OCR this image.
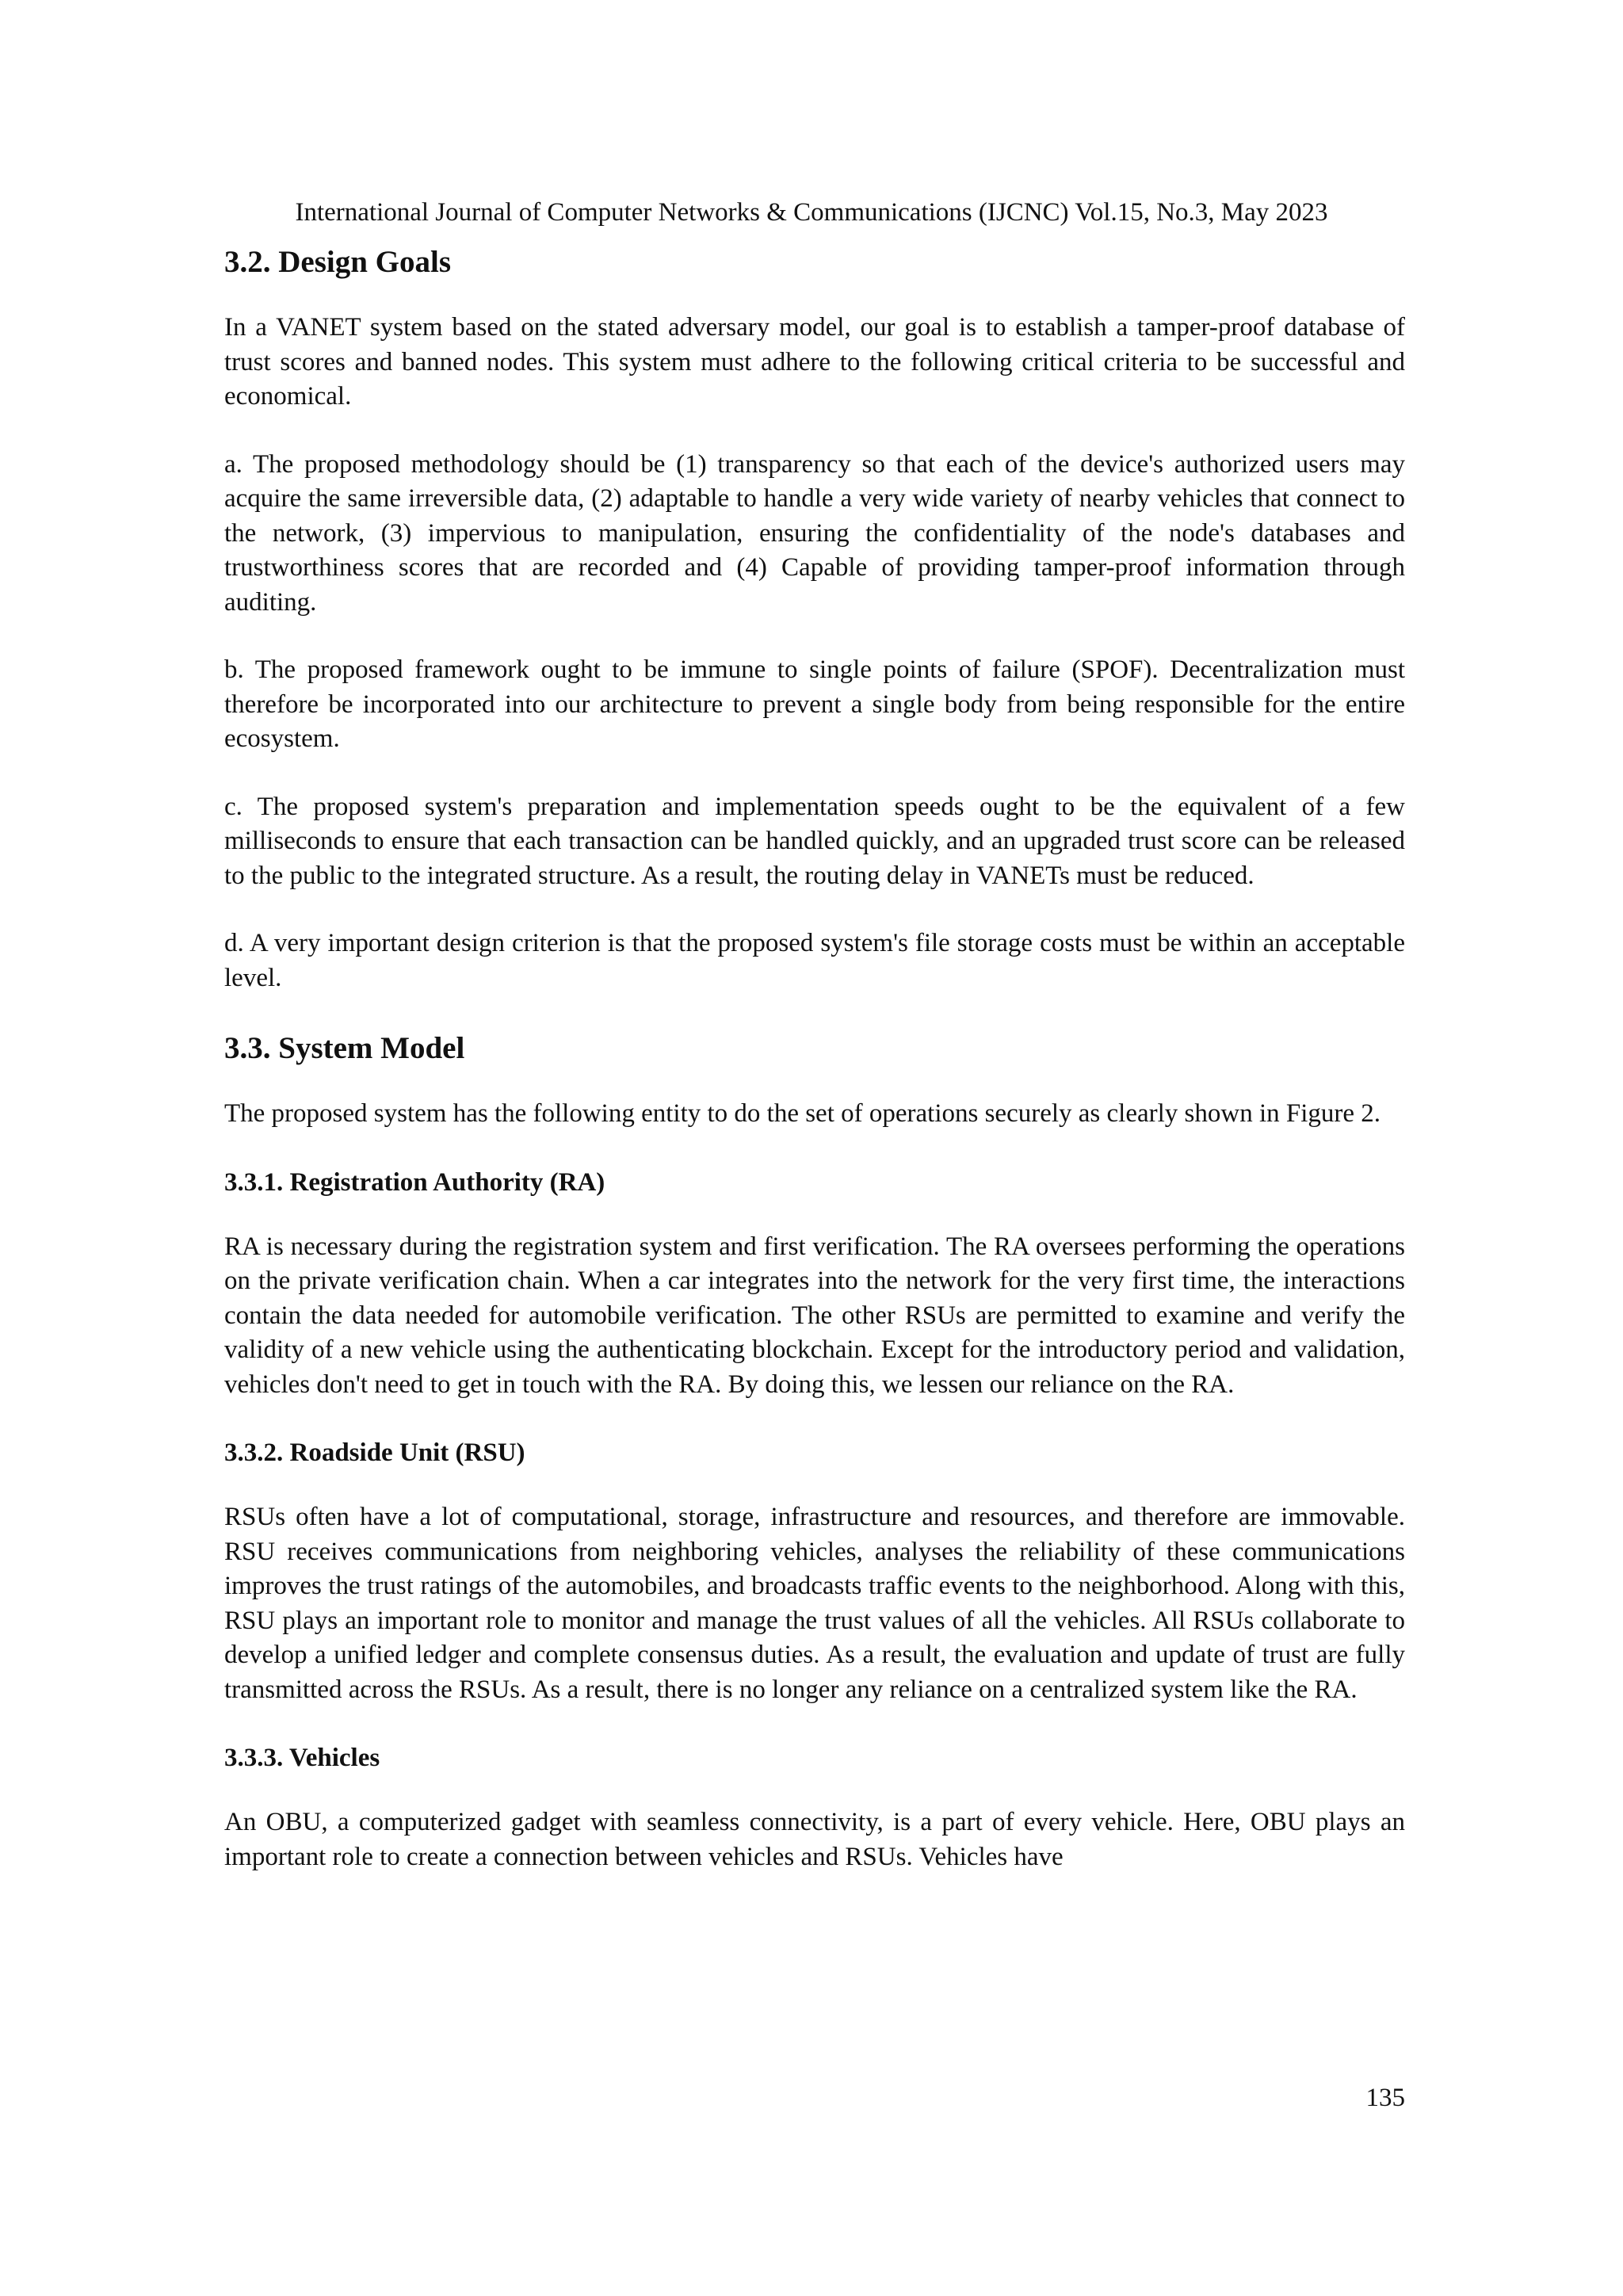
International Journal of Computer Networks & Communications (IJCNC) Vol.15, No.3, May 2023
3.2. Design Goals
In a VANET system based on the stated adversary model, our goal is to establish a tamper-proof database of trust scores and banned nodes. This system must adhere to the following critical criteria to be successful and economical.
a. The proposed methodology should be (1) transparency so that each of the device's authorized users may acquire the same irreversible data, (2) adaptable to handle a very wide variety of nearby vehicles that connect to the network, (3) impervious to manipulation, ensuring the confidentiality of the node's databases and trustworthiness scores that are recorded and (4) Capable of providing tamper-proof information through auditing.
b. The proposed framework ought to be immune to single points of failure (SPOF). Decentralization must therefore be incorporated into our architecture to prevent a single body from being responsible for the entire ecosystem.
c. The proposed system's preparation and implementation speeds ought to be the equivalent of a few milliseconds to ensure that each transaction can be handled quickly, and an upgraded trust score can be released to the public to the integrated structure. As a result, the routing delay in VANETs must be reduced.
d. A very important design criterion is that the proposed system's file storage costs must be within an acceptable level.
3.3. System Model
The proposed system has the following entity to do the set of operations securely as clearly shown in Figure 2.
3.3.1. Registration Authority (RA)
RA is necessary during the registration system and first verification. The RA oversees performing the operations on the private verification chain. When a car integrates into the network for the very first time, the interactions contain the data needed for automobile verification. The other RSUs are permitted to examine and verify the validity of a new vehicle using the authenticating blockchain. Except for the introductory period and validation, vehicles don't need to get in touch with the RA. By doing this, we lessen our reliance on the RA.
3.3.2. Roadside Unit (RSU)
RSUs often have a lot of computational, storage, infrastructure and resources, and therefore are immovable. RSU receives communications from neighboring vehicles, analyses the reliability of these communications improves the trust ratings of the automobiles, and broadcasts traffic events to the neighborhood. Along with this, RSU plays an important role to monitor and manage the trust values of all the vehicles. All RSUs collaborate to develop a unified ledger and complete consensus duties. As a result, the evaluation and update of trust are fully transmitted across the RSUs. As a result, there is no longer any reliance on a centralized system like the RA.
3.3.3. Vehicles
An OBU, a computerized gadget with seamless connectivity, is a part of every vehicle. Here, OBU plays an important role to create a connection between vehicles and RSUs. Vehicles have
135
